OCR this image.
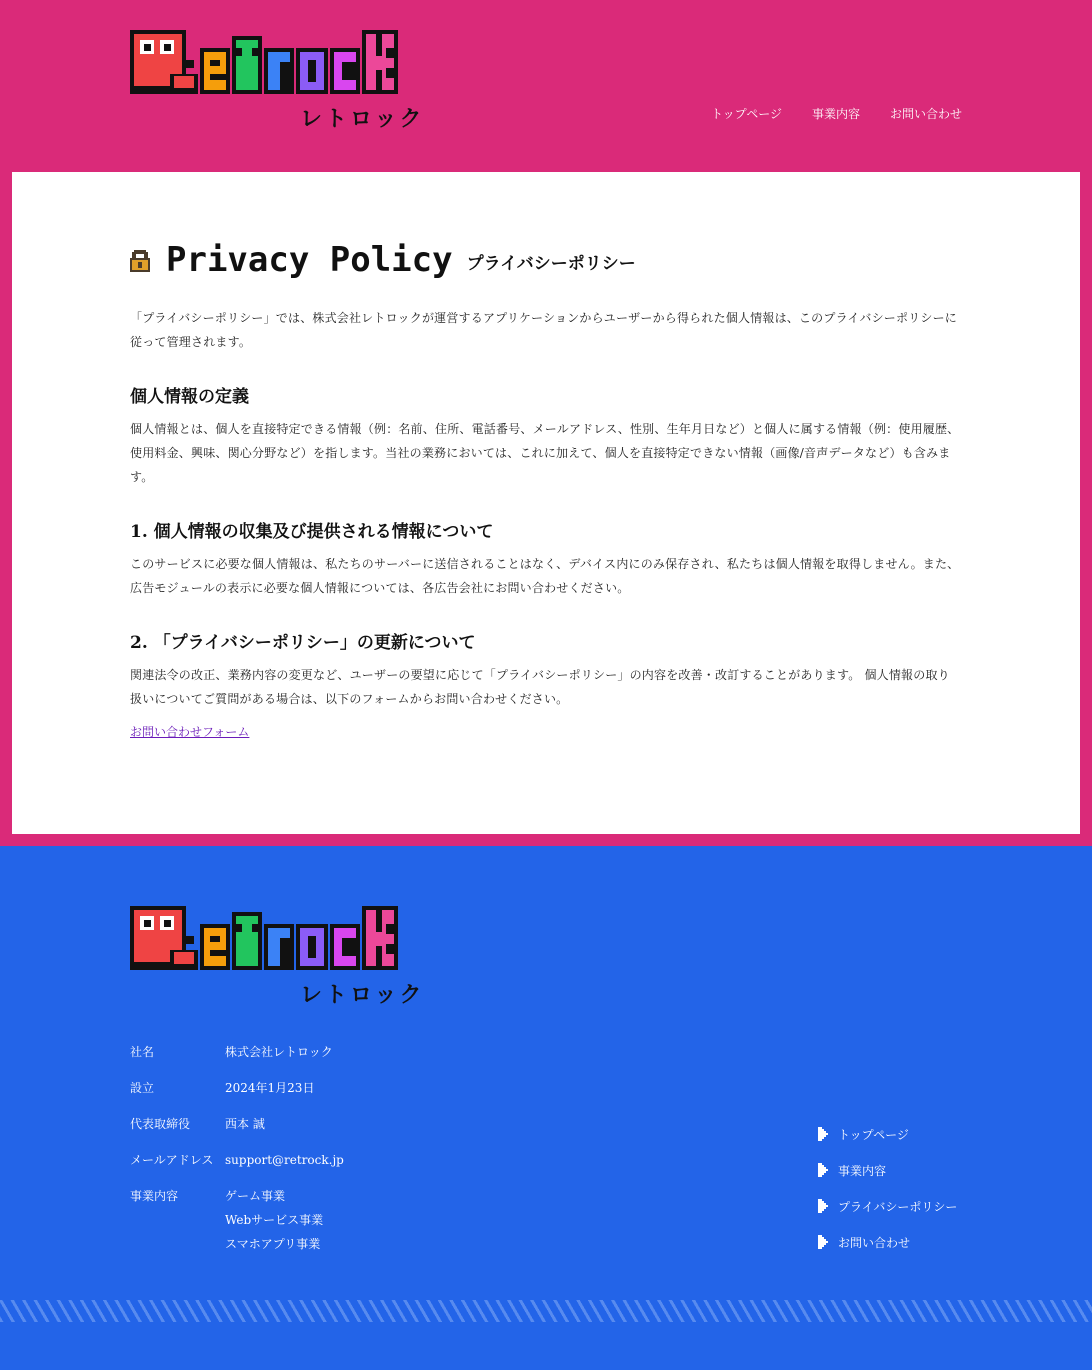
レトロック	トップページ	事業内容	お問い合わせ
Privacy Policy プライバシーポリシー

「プライバシーポリシー」では、株式会社レトロックが運営するアプリケーションからユーザーから得られた個人情報は、このプライバシーポリシーに従って管理されます。

個人情報の定義

個人情報とは、個人を直接特定できる情報（例：名前、住所、電話番号、メールアドレス、性別、生年月日など）と個人に属する情報（例：使用履歴、使用料金、興味、関心分野など）を指します。当社の業務においては、これに加えて、個人を直接特定できない情報（画像/音声データなど）も含みます。

1. 個人情報の収集及び提供される情報について

このサービスに必要な個人情報は、私たちのサーバーに送信されることはなく、デバイス内にのみ保存され、私たちは個人情報を取得しません。また、広告モジュールの表示に必要な個人情報については、各広告会社にお問い合わせください。

2. 「プライバシーポリシー」の更新について

関連法令の改正、業務内容の変更など、ユーザーの要望に応じて「プライバシーポリシー」の内容を改善・改訂することがあります。 個人情報の取り扱いについてご質問がある場合は、以下のフォームからお問い合わせください。

お問い合わせフォーム
レトロック
社名	株式会社レトロック
設立	2024年1月23日
代表取締役	西本 誠
メールアドレス support@retrock.jp
事業内容	ゲーム事業
Webサービス事業
スマホアプリ事業
トップページ
事業内容
プライバシーポリシー
お問い合わせ
